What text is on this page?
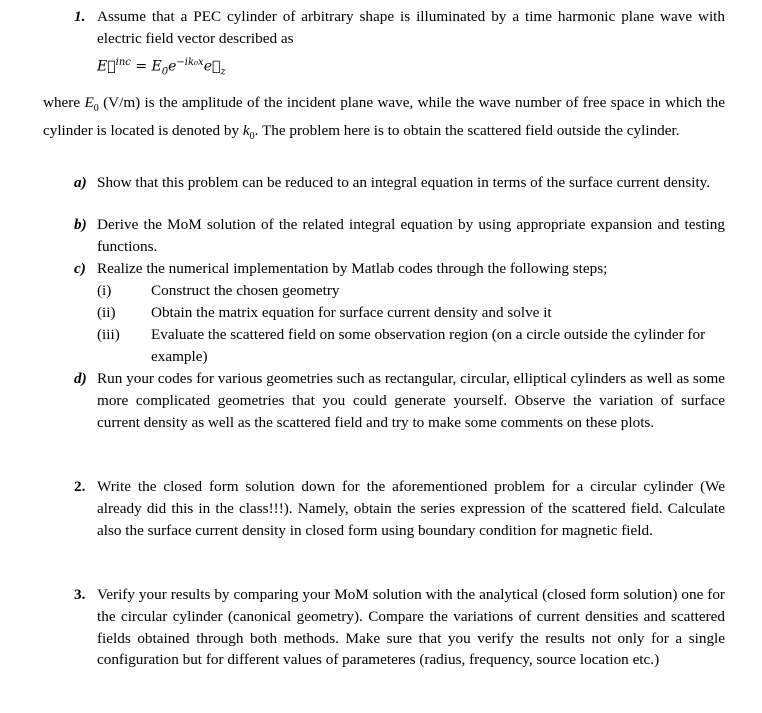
1. Assume that a PEC cylinder of arbitrary shape is illuminated by a time harmonic plane wave with electric field vector described as
E⃗$^{inc}$ = $E_0e^{-ik_0x}e⃗_z$
where $E_0$ (V/m) is the amplitude of the incident plane wave, while the wave number of free space in which the cylinder is located is denoted by $k_0$. The problem here is to obtain the scattered field outside the cylinder.
a) Show that this problem can be reduced to an integral equation in terms of the surface current density.
b) Derive the MoM solution of the related integral equation by using appropriate expansion and testing functions.
c) Realize the numerical implementation by Matlab codes through the following steps;
(i)	Construct the chosen geometry
(ii) Obtain the matrix equation for surface current density and solve it
(iii) Evaluate the scattered field on some observation region (on a circle outside the cylinder for example)
d) Run your codes for various geometries such as rectangular, circular, elliptical cylinders as well as some more complicated geometries that you could generate yourself. Observe the variation of surface current density as well as the scattered field and try to make some comments on these plots.
2. Write the closed form solution down for the aforementioned problem for a circular cylinder (We already did this in the class!!!). Namely, obtain the series expression of the scattered field. Calculate also the surface current density in closed form using boundary condition for magnetic field.
3. Verify your results by comparing your MoM solution with the analytical (closed form solution) one for the circular cylinder (canonical geometry). Compare the variations of current densities and scattered fields obtained through both methods. Make sure that you verify the results not only for a single configuration but for different values of parameteres (radius, frequency, source location etc.)
